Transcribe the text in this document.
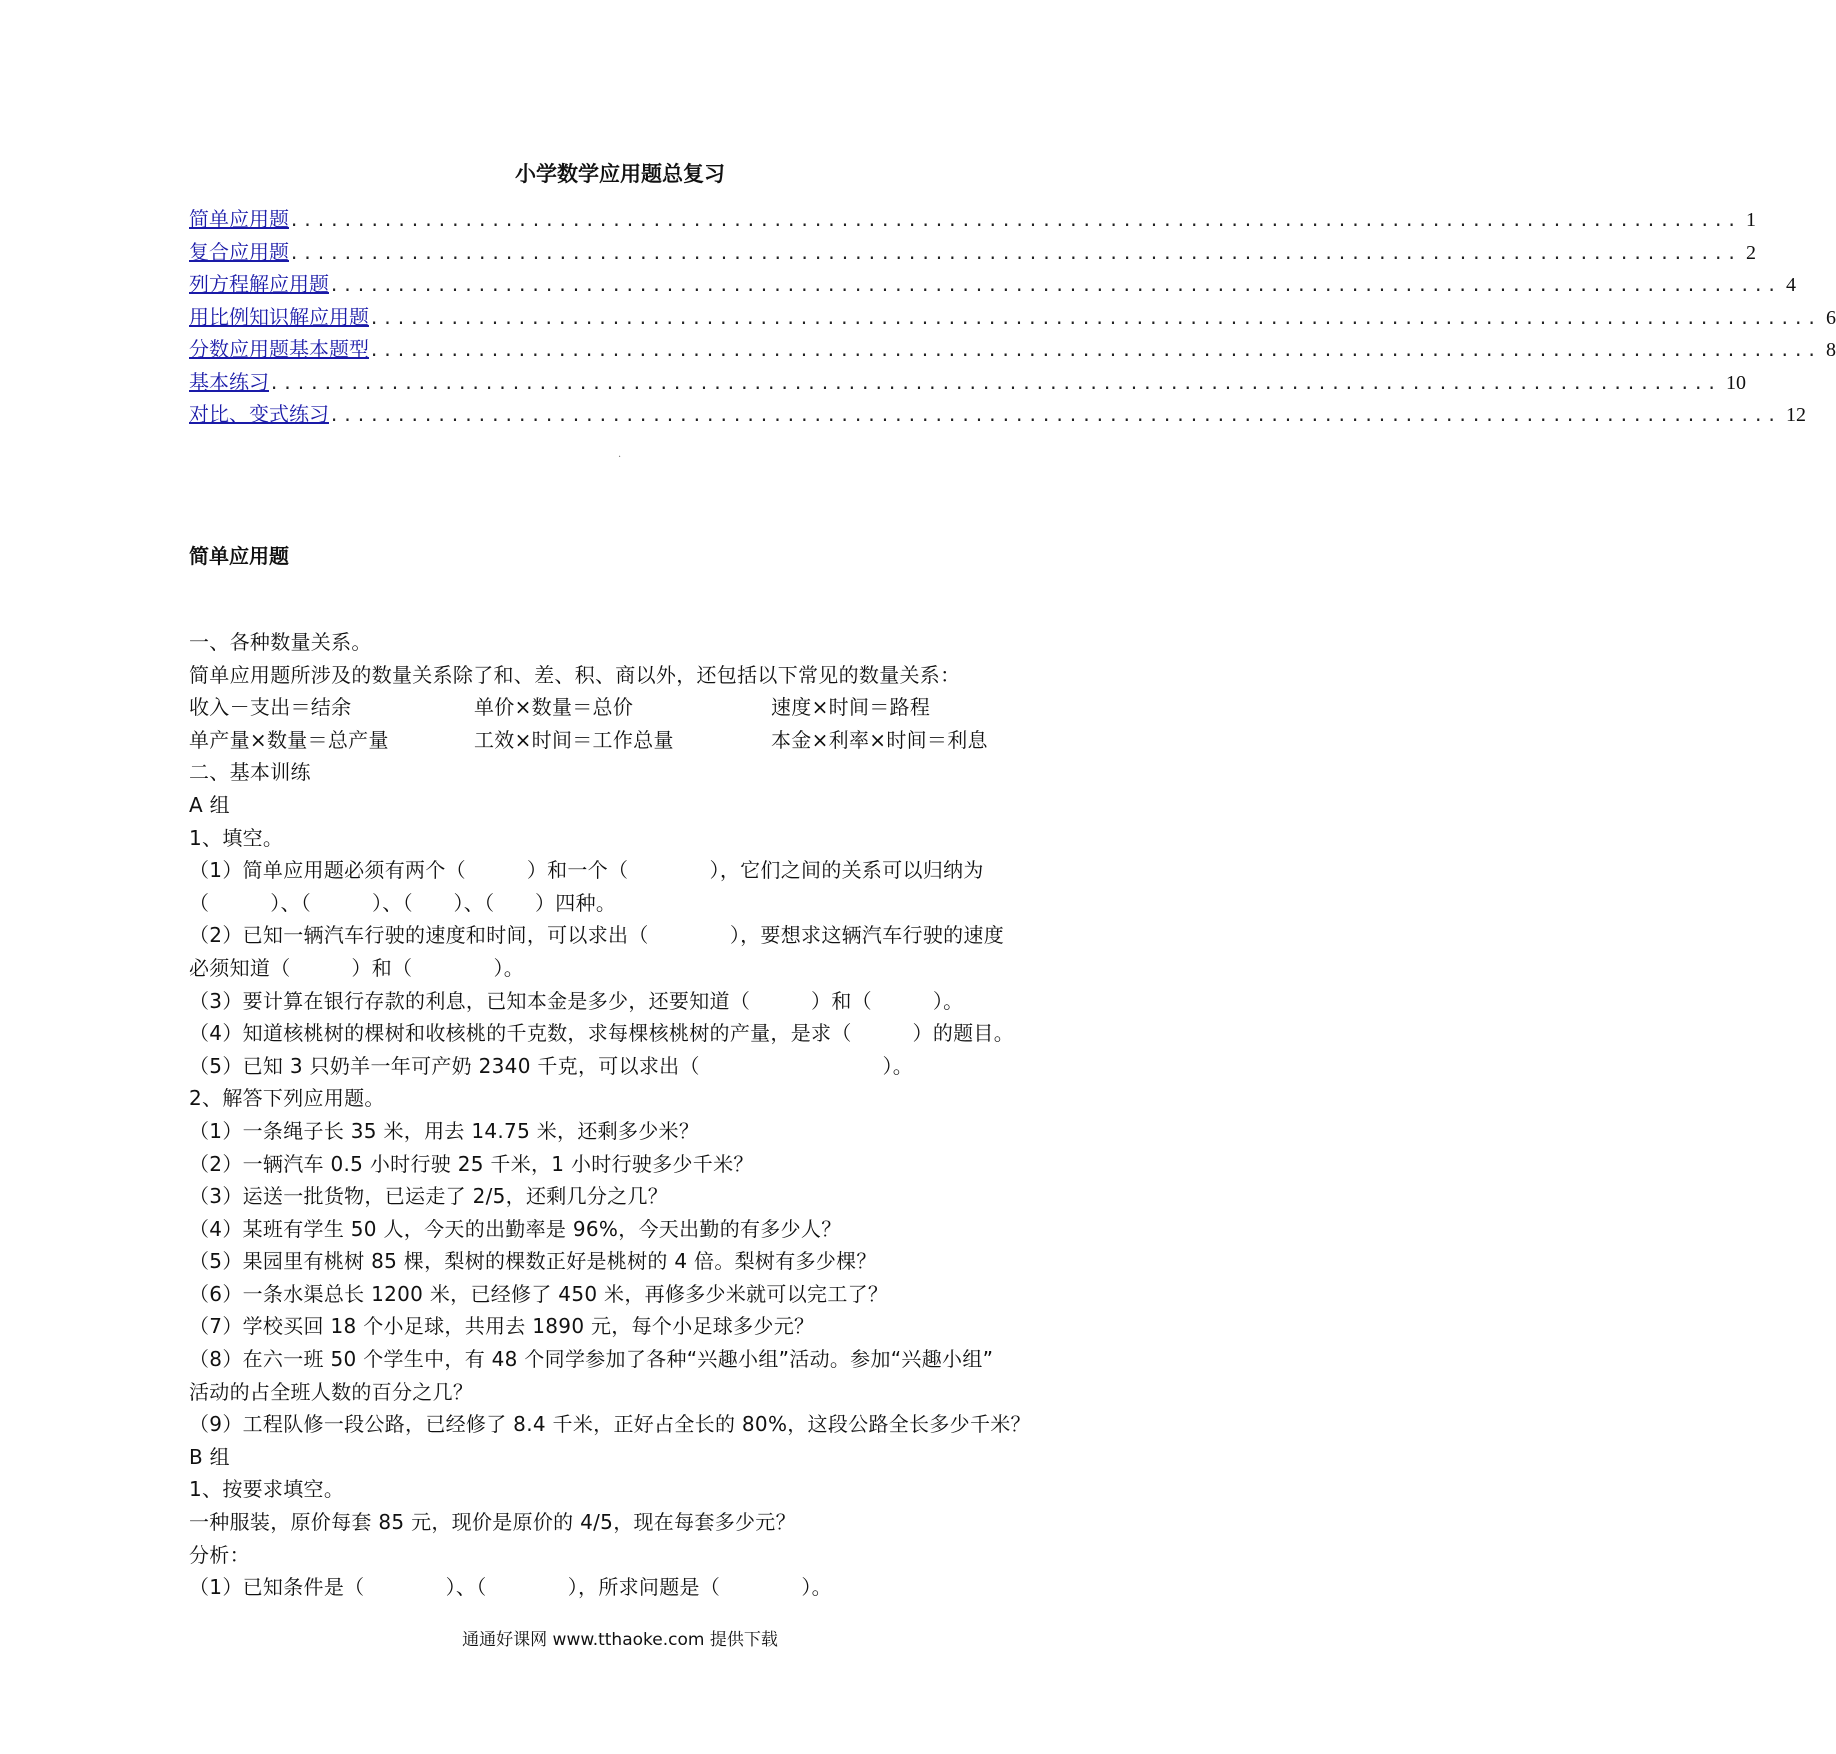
小学数学应用题总复习
简单应用题 ............................................................................................................ 1
复合应用题 ............................................................................................................ 2
列方程解应用题 ............................................................................................................ 4
用比例知识解应用题 ............................................................................................................ 6
分数应用题基本题型 ............................................................................................................ 8
基本练习 ............................................................................................................ 10
对比、变式练习 ............................................................................................................ 12
·
简单应用题
一、各种数量关系。
简单应用题所涉及的数量关系除了和、差、积、商以外，还包括以下常见的数量关系：
收入－支出＝结余	单价×数量＝总价	速度×时间＝路程
单产量×数量＝总产量	工效×时间＝工作总量	本金×利率×时间＝利息
二、基本训练
A 组
1、填空。
（1）简单应用题必须有两个（　　　）和一个（　　　　），它们之间的关系可以归纳为
（　　　）、（　　　）、（　　）、（　　）四种。
（2）已知一辆汽车行驶的速度和时间，可以求出（　　　　），要想求这辆汽车行驶的速度
必须知道（　　　）和（　　　　）。
（3）要计算在银行存款的利息，已知本金是多少，还要知道（　　　）和（　　　）。
（4）知道核桃树的棵树和收核桃的千克数，求每棵核桃树的产量，是求（　　　）的题目。
（5）已知 3 只奶羊一年可产奶 2340 千克，可以求出（　　　　　　　　　）。
2、解答下列应用题。
（1）一条绳子长 35 米，用去 14.75 米，还剩多少米？
（2）一辆汽车 0.5 小时行驶 25 千米，1 小时行驶多少千米？
（3）运送一批货物，已运走了 2/5，还剩几分之几？
（4）某班有学生 50 人，今天的出勤率是 96%，今天出勤的有多少人？
（5）果园里有桃树 85 棵，梨树的棵数正好是桃树的 4 倍。梨树有多少棵？
（6）一条水渠总长 1200 米，已经修了 450 米，再修多少米就可以完工了？
（7）学校买回 18 个小足球，共用去 1890 元，每个小足球多少元？
（8）在六一班 50 个学生中，有 48 个同学参加了各种“兴趣小组”活动。参加“兴趣小组”
活动的占全班人数的百分之几？
（9）工程队修一段公路，已经修了 8.4 千米，正好占全长的 80%，这段公路全长多少千米？
B 组
1、按要求填空。
一种服装，原价每套 85 元，现价是原价的 4/5，现在每套多少元？
分析：
（1）已知条件是（　　　　）、（　　　　），所求问题是（　　　　）。
通通好课网 www.tthaoke.com 提供下载
